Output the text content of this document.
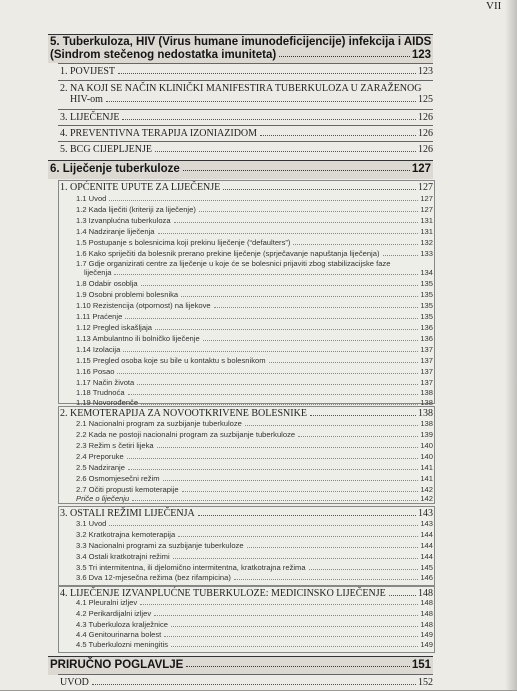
VII
5. Tuberkuloza, HIV (Virus humane imunodeficijencije) infekcija i AIDS
(Sindrom stečenog nedostatka imuniteta)	123
1. POVIJEST	123
2. NA KOJI SE NAČIN KLINIČKI MANIFESTIRA TUBERKULOZA U ZARAŽENOG
HIV-om	125
3. LIJEČENJE	126
4. PREVENTIVNA TERAPIJA IZONIAZIDOM	126
5. BCG CIJEPLJENJE	126
6. Liječenje tuberkuloze	127
1. OPĆENITE UPUTE ZA LIJEČENJE	127
1.1 Uvod	127
1.2 Kada liječiti (kriteriji za liječenje)	127
1.3 Izvanplućna tuberkuloza	131
1.4 Nadziranje liječenja	131
1.5 Postupanje s bolesnicima koji prekinu liječenje (“defaulters”)	132
1.6 Kako spriječiti da bolesnik prerano prekine liječenje (sprječavanje napuštanja liječenja)	133
1.7 Gdje organizirati centre za liječenje u koje će se bolesnici prijaviti zbog stabilizacijske faze
liječenja	134
1.8 Odabir osoblja	135
1.9 Osobni problemi bolesnika	135
1.10 Rezistencija (otpornost) na lijekove	135
1.11 Praćenje	135
1.12 Pregled iskašljaja	136
1.13 Ambulantno ili bolničko liječenje	136
1.14 Izolacija	137
1.15 Pregled osoba koje su bile u kontaktu s bolesnikom	137
1.16 Posao	137
1.17 Način života	137
1.18 Trudnoća	138
1.19 Novorođenče	138
2. KEMOTERAPIJA ZA NOVOOTKRIVENE BOLESNIKE	138
2.1 Nacionalni program za suzbijanje tuberkuloze	138
2.2 Kada ne postoji nacionalni program za suzbijanje tuberkuloze	139
2.3 Režim s četiri lijeka	140
2.4 Preporuke	140
2.5 Nadziranje	141
2.6 Osmomjesečni režim	141
2.7 Očiti propusti kemoterapije	142
Priče o liječenju	142
3. OSTALI REŽIMI LIJEČENJA	143
3.1 Uvod	143
3.2 Kratkotrajna kemoterapija	144
3.3 Nacionalni programi za suzbijanje tuberkuloze	144
3.4 Ostali kratkotrajni režimi	144
3.5 Tri intermitentna, ili djelomično intermitentna, kratkotrajna režima	145
3.6 Dva 12-mjesečna režima (bez rifampicina)	146
4. LIJEČENJE IZVANPLUĆNE TUBERKULOZE: MEDICINSKO LIJEČENJE	148
4.1 Pleuralni izljev	148
4.2 Perikardijalni izljev	148
4.3 Tuberkuloza kralježnice	148
4.4 Genitourinarna bolest	149
4.5 Tuberkulozni meningitis	149
PRIRUČNO POGLAVLJE	151
UVOD	152
